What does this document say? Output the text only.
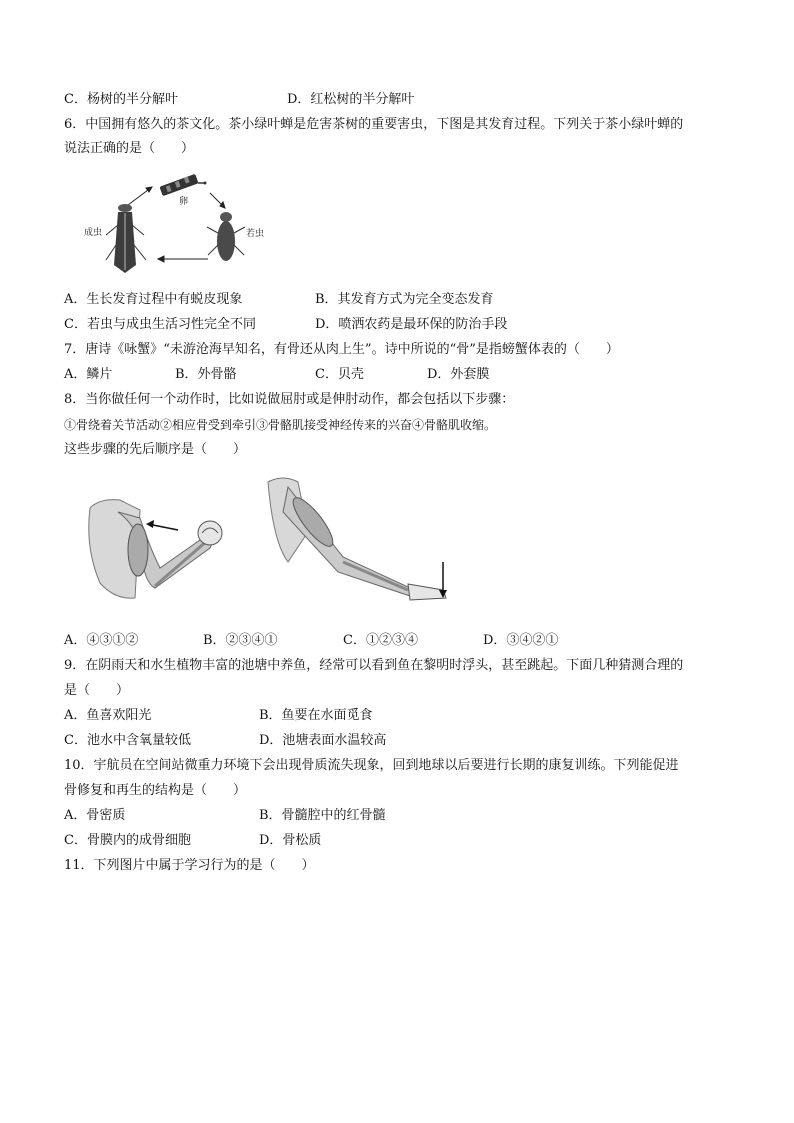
C．杨树的半分解叶	D．红松树的半分解叶
6．中国拥有悠久的茶文化。茶小绿叶蝉是危害茶树的重要害虫，下图是其发育过程。下列关于茶小绿叶蝉的
说法正确的是（　　）
卵
成虫	若虫
A．生长发育过程中有蜕皮现象	B．其发育方式为完全变态发育
C．若虫与成虫生活习性完全不同	D．喷洒农药是最环保的防治手段
7．唐诗《咏蟹》“未游沧海早知名，有骨还从肉上生”。诗中所说的“骨”是指螃蟹体表的（　　）
A．鳞片	B．外骨骼	C．贝壳	D．外套膜
8．当你做任何一个动作时，比如说做屈肘或是伸肘动作，都会包括以下步骤：
①骨绕着关节活动②相应骨受到牵引③骨骼肌接受神经传来的兴奋④骨骼肌收缩。
这些步骤的先后顺序是（　　）
A．④③①②	B．②③④①	C．①②③④	D．③④②①
9．在阴雨天和水生植物丰富的池塘中养鱼，经常可以看到鱼在黎明时浮头，甚至跳起。下面几种猜测合理的
是（　　）
A．鱼喜欢阳光	B．鱼要在水面觅食
C．池水中含氧量较低	D．池塘表面水温较高
10．宇航员在空间站微重力环境下会出现骨质流失现象，回到地球以后要进行长期的康复训练。下列能促进
骨修复和再生的结构是（　　）
A．骨密质	B．骨髓腔中的红骨髓
C．骨膜内的成骨细胞	D．骨松质
11．下列图片中属于学习行为的是（　　）
